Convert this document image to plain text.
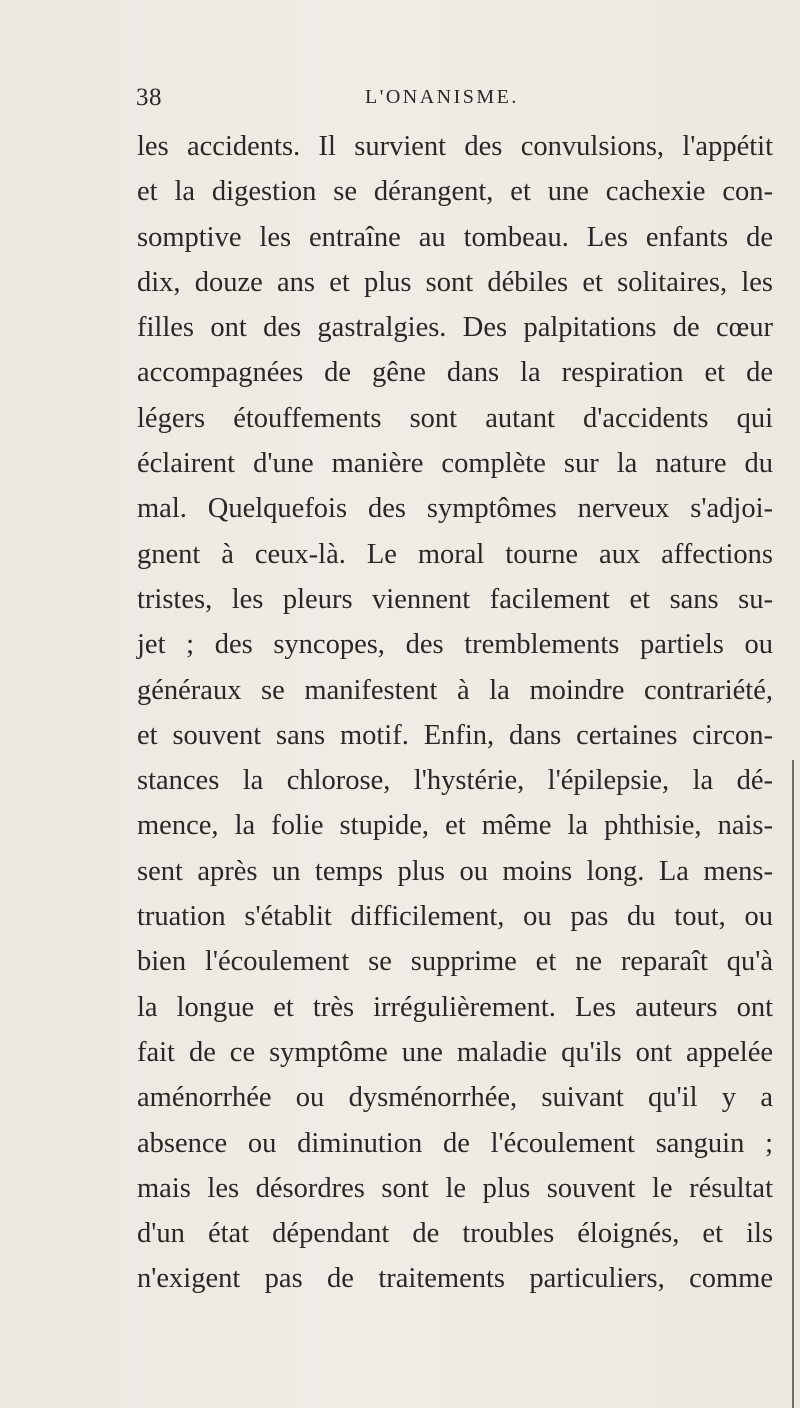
38	L'ONANISME.
les accidents. Il survient des convulsions, l'appétit
et la digestion se dérangent, et une cachexie con-
somptive les entraîne au tombeau. Les enfants de
dix, douze ans et plus sont débiles et solitaires, les
filles ont des gastralgies. Des palpitations de cœur
accompagnées de gêne dans la respiration et de
légers étouffements sont autant d'accidents qui
éclairent d'une manière complète sur la nature du
mal. Quelquefois des symptômes nerveux s'adjoi-
gnent à ceux-là. Le moral tourne aux affections
tristes, les pleurs viennent facilement et sans su-
jet ; des syncopes, des tremblements partiels ou
généraux se manifestent à la moindre contrariété,
et souvent sans motif. Enfin, dans certaines circon-
stances la chlorose, l'hystérie, l'épilepsie, la dé-
mence, la folie stupide, et même la phthisie, nais-
sent après un temps plus ou moins long. La mens-
truation s'établit difficilement, ou pas du tout, ou
bien l'écoulement se supprime et ne reparaît qu'à
la longue et très irrégulièrement. Les auteurs ont
fait de ce symptôme une maladie qu'ils ont appelée
aménorrhée ou dysménorrhée, suivant qu'il y a
absence ou diminution de l'écoulement sanguin ;
mais les désordres sont le plus souvent le résultat
d'un état dépendant de troubles éloignés, et ils
n'exigent pas de traitements particuliers, comme
